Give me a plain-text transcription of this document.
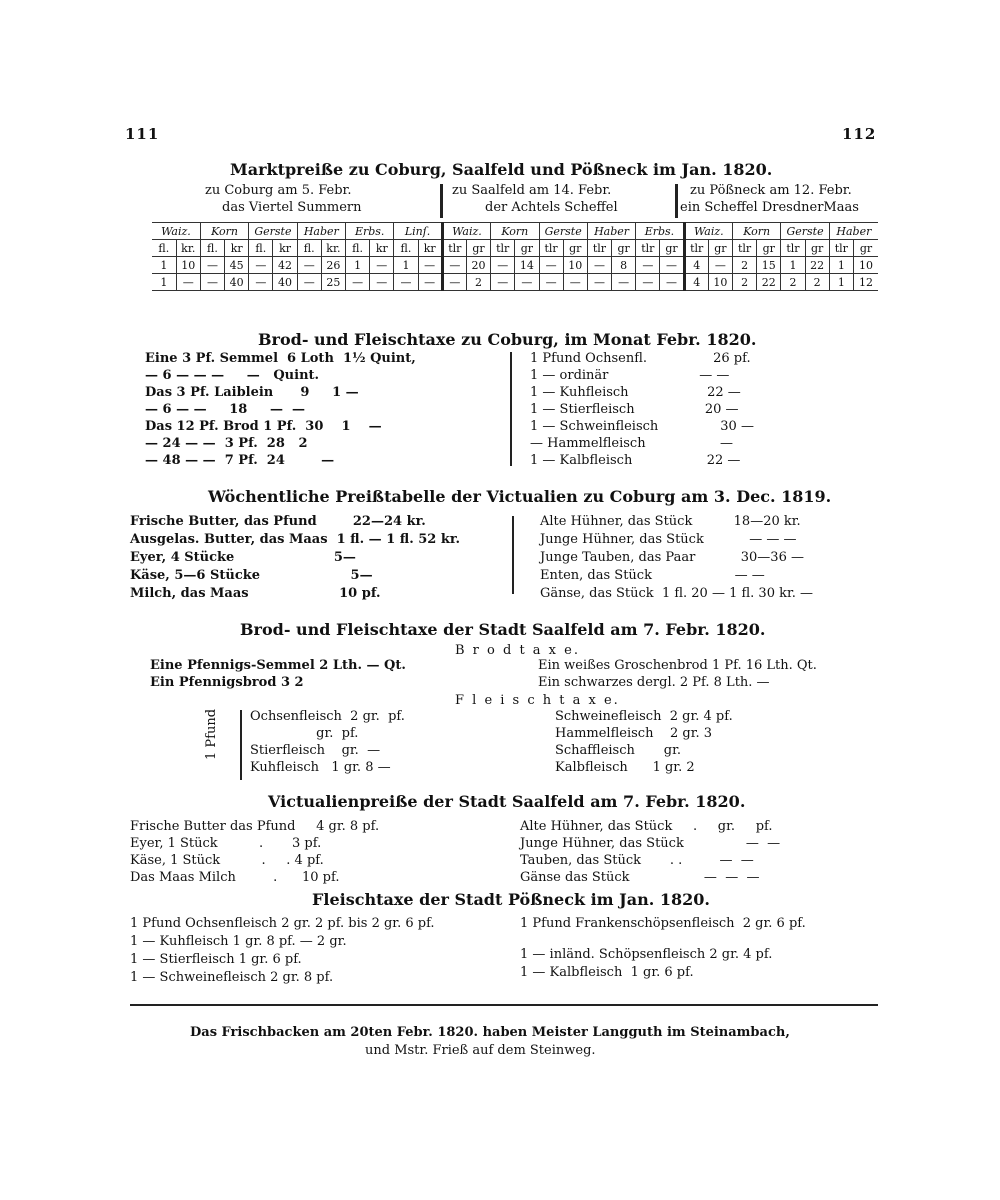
111	112
Marktpreiße zu Coburg, Saalfeld und Pößneck im Jan. 1820.
zu Coburg am 5. Febr.
das Viertel Summern
zu Saalfeld am 14. Febr.
der Achtels Scheffel
zu Pößneck am 12. Febr.
ein Scheffel DresdnerMaas
Waiz.		Korn		Gerste		Haber		Erbs.		Linſ.		Waiz.		Korn		Gerste		Haber		Erbs.		Waiz.		Korn		Gerste		Haber	
fl.	kr.	fl.	kr	fl.	kr	fl.	kr.	fl.	kr	fl.	kr	tlr	gr	tlr	gr	tlr	gr	tlr	gr	tlr	gr	tlr	gr	tlr	gr	tlr	gr	tlr	gr
1	10	—	45	—	42	—	26	1	—	1	—	—	20	—	14	—	10	—	8	—	—	4	—	2	15	1	22	1	10
1	—	—	40	—	40	—	25	—	—	—	—	—	2	—	—	—	—	—	—	—	—	4	10	2	22	2	2	1	12
Brod- und Fleischtaxe zu Coburg, im Monat Febr. 1820.
Eine 3 Pf. Semmel  6 Loth  1½ Quint,
— 6 — — —     —   Quint.
Das 3 Pf. Laiblein      9     1 —
— 6 — —     18     —  —
Das 12 Pf. Brod 1 Pf.  30    1    —
— 24 — —  3 Pf.  28   2
— 48 — —  7 Pf.  24        —
1 Pfund Ochsenfl.                26 pf.
1 — ordinär                      — —
1 — Kuhfleisch                   22 —
1 — Stierfleisch                 20 —
1 — Schweinfleisch               30 —
— Hammelfleisch                  —
1 — Kalbfleisch                  22 —
Wöchentliche Preißtabelle der Victualien zu Coburg am 3. Dec. 1819.
Frische Butter, das Pfund        22—24 kr.
Ausgelas. Butter, das Maas  1 fl. — 1 fl. 52 kr.
Eyer, 4 Stücke                      5—
Käse, 5—6 Stücke                    5—
Milch, das Maas                    10 pf.
Alte Hühner, das Stück          18—20 kr.
Junge Hühner, das Stück           — — —
Junge Tauben, das Paar           30—36 —
Enten, das Stück                    — —
Gänse, das Stück  1 fl. 20 — 1 fl. 30 kr. —
Brod- und Fleischtaxe der Stadt Saalfeld am 7. Febr. 1820.
B r o d t a x e.
Eine Pfennigs-Semmel 2 Lth. — Qt.	Ein weißes Groschenbrod 1 Pf. 16 Lth. Qt.
Ein Pfennigsbrod 3 2	Ein schwarzes dergl. 2 Pf. 8 Lth. —
F l e i s c h t a x e.
1 Pfund Ochsenfleisch  2 gr.  pf.
gr.  pf.
Stierfleisch    gr.  —
Kuhfleisch   1 gr. 8 —
Schweinefleisch  2 gr. 4 pf.
Hammelfleisch    2 gr. 3
Schaffleisch       gr.
Kalbfleisch      1 gr. 2
Victualienpreiße der Stadt Saalfeld am 7. Febr. 1820.
Frische Butter das Pfund     4 gr. 8 pf.
Eyer, 1 Stück          .       3 pf.
Käse, 1 Stück          .     . 4 pf.
Das Maas Milch         .      10 pf.
Alte Hühner, das Stück     .     gr.     pf.
Junge Hühner, das Stück               —  —
Tauben, das Stück       . .         —  —
Gänse das Stück                  —  —  —
Fleischtaxe der Stadt Pößneck im Jan. 1820.
1 Pfund Ochsenfleisch 2 gr. 2 pf. bis 2 gr. 6 pf.
1 — Kuhfleisch 1 gr. 8 pf. — 2 gr.
1 — Stierfleisch 1 gr. 6 pf.
1 — Schweinefleisch 2 gr. 8 pf.
1 Pfund Frankenschöpsenfleisch  2 gr. 6 pf.
1 — inländ. Schöpsenfleisch 2 gr. 4 pf.
1 — Kalbfleisch  1 gr. 6 pf.
Das Frischbacken am 20ten Febr. 1820. haben Meister Langguth im Steinambach,
und Mstr. Frieß auf dem Steinweg.
